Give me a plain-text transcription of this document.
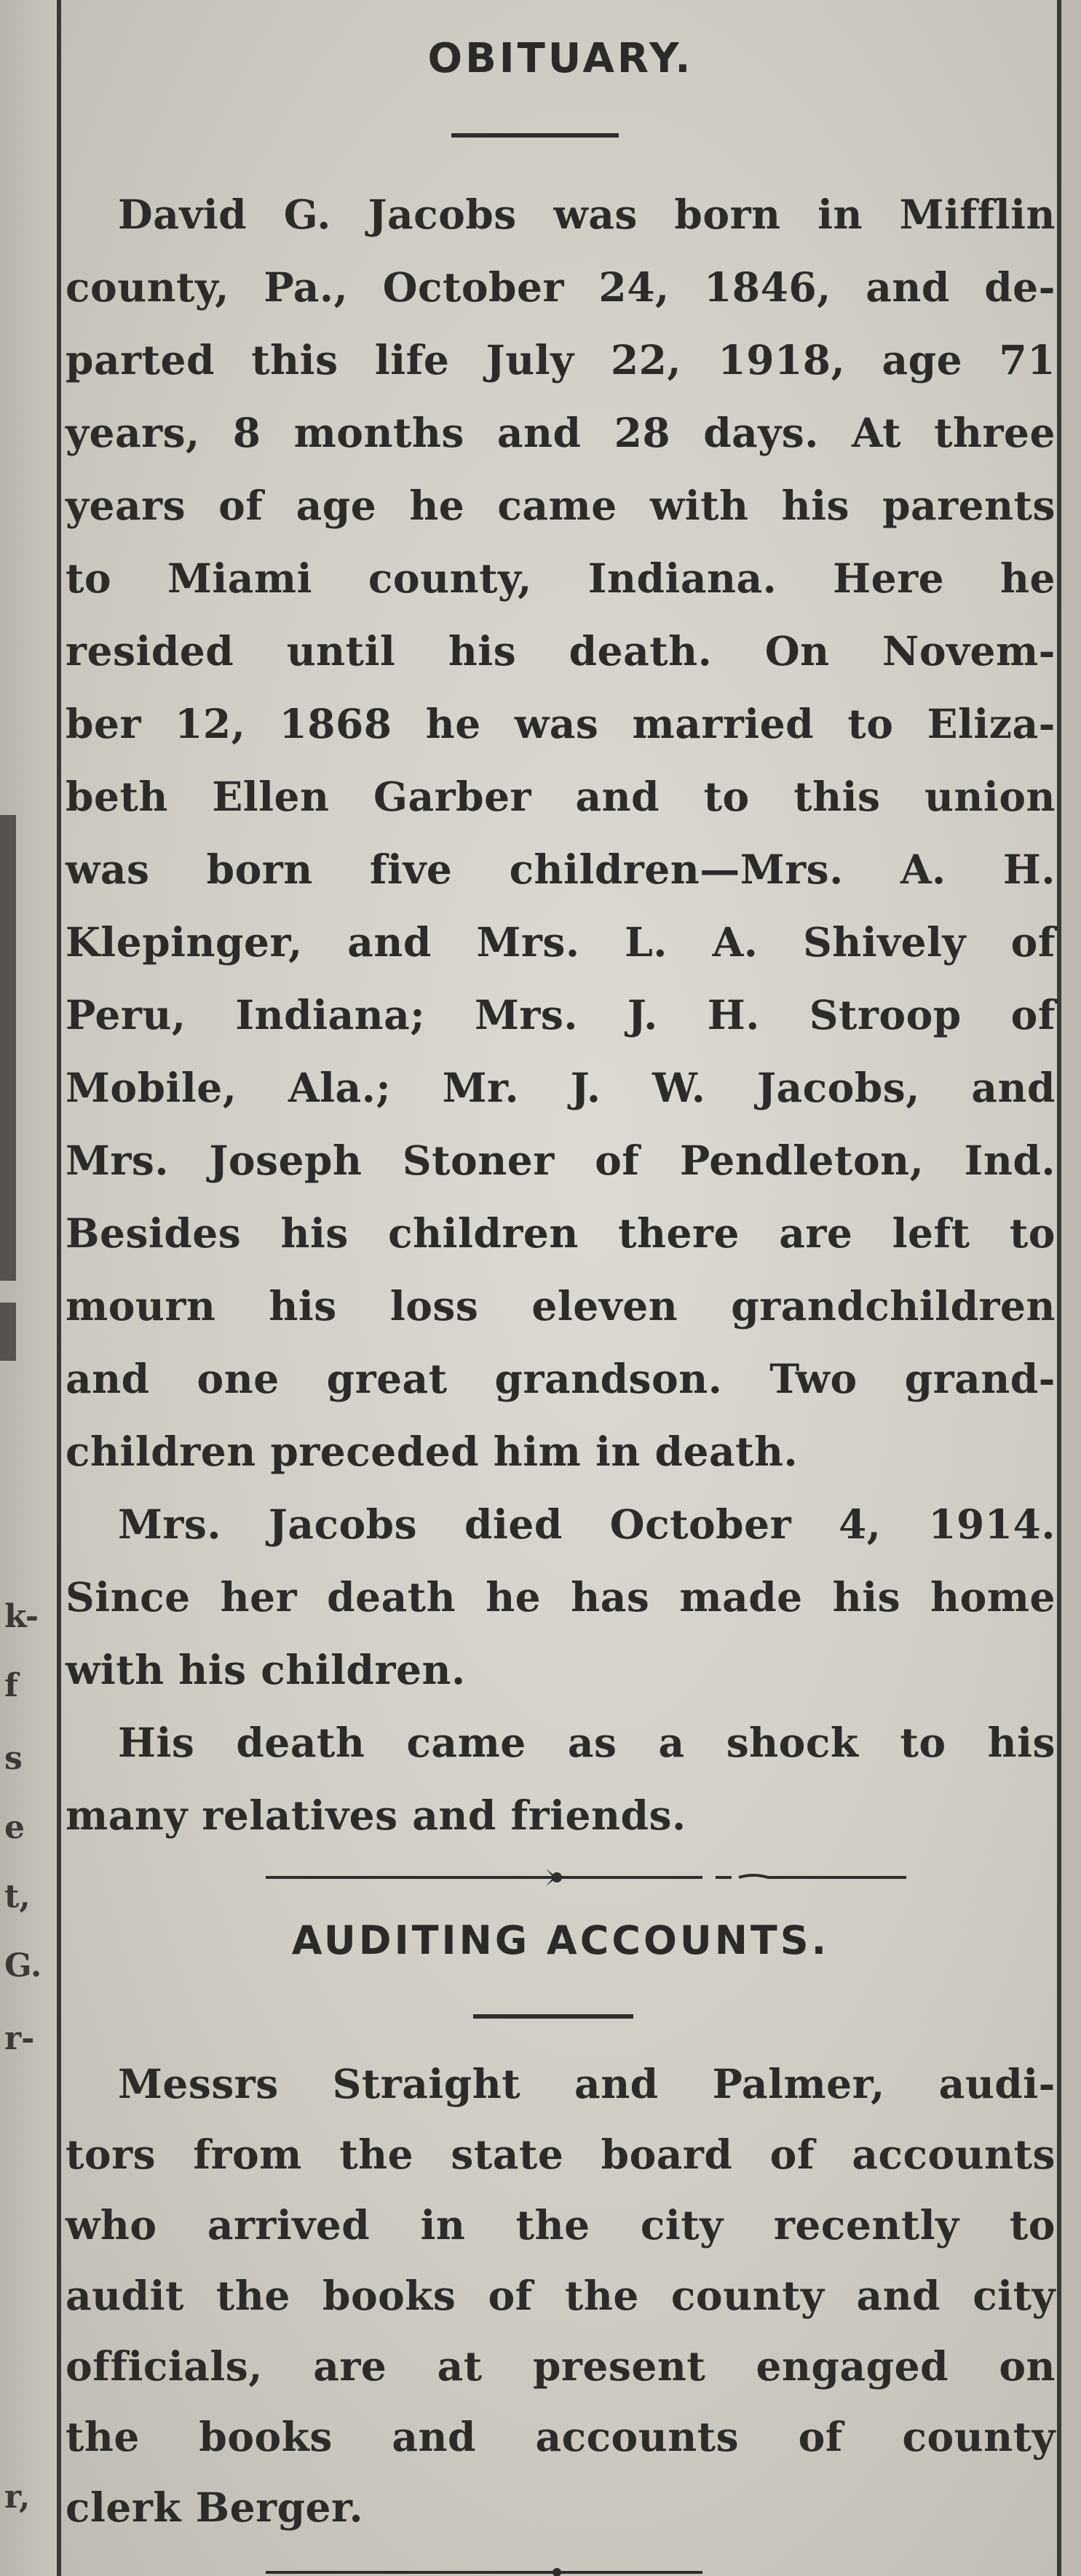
k-
f
s
e
t,
G.
r-
r,
OBITUARY.
David G. Jacobs was born in Mifflin
county, Pa., October 24, 1846, and de-
parted this life July 22, 1918, age 71
years, 8 months and 28 days. At three
years of age he came with his parents
to Miami county, Indiana. Here he
resided until his death. On Novem-
ber 12, 1868 he was married to Eliza-
beth Ellen Garber and to this union
was born five children—Mrs. A. H.
Klepinger, and Mrs. L. A. Shively of
Peru, Indiana; Mrs. J. H. Stroop of
Mobile, Ala.; Mr. J. W. Jacobs, and
Mrs. Joseph Stoner of Pendleton, Ind.
Besides his children there are left to
mourn his loss eleven grandchildren
and one great grandson. Two grand-
children preceded him in death.
Mrs. Jacobs died October 4, 1914.
Since her death he has made his home
with his children.
His death came as a shock to his
many relatives and friends.
AUDITING ACCOUNTS.
Messrs Straight and Palmer, audi-
tors from the state board of accounts
who arrived in the city recently to
audit the books of the county and city
officials, are at present engaged on
the books and accounts of county
clerk Berger.
